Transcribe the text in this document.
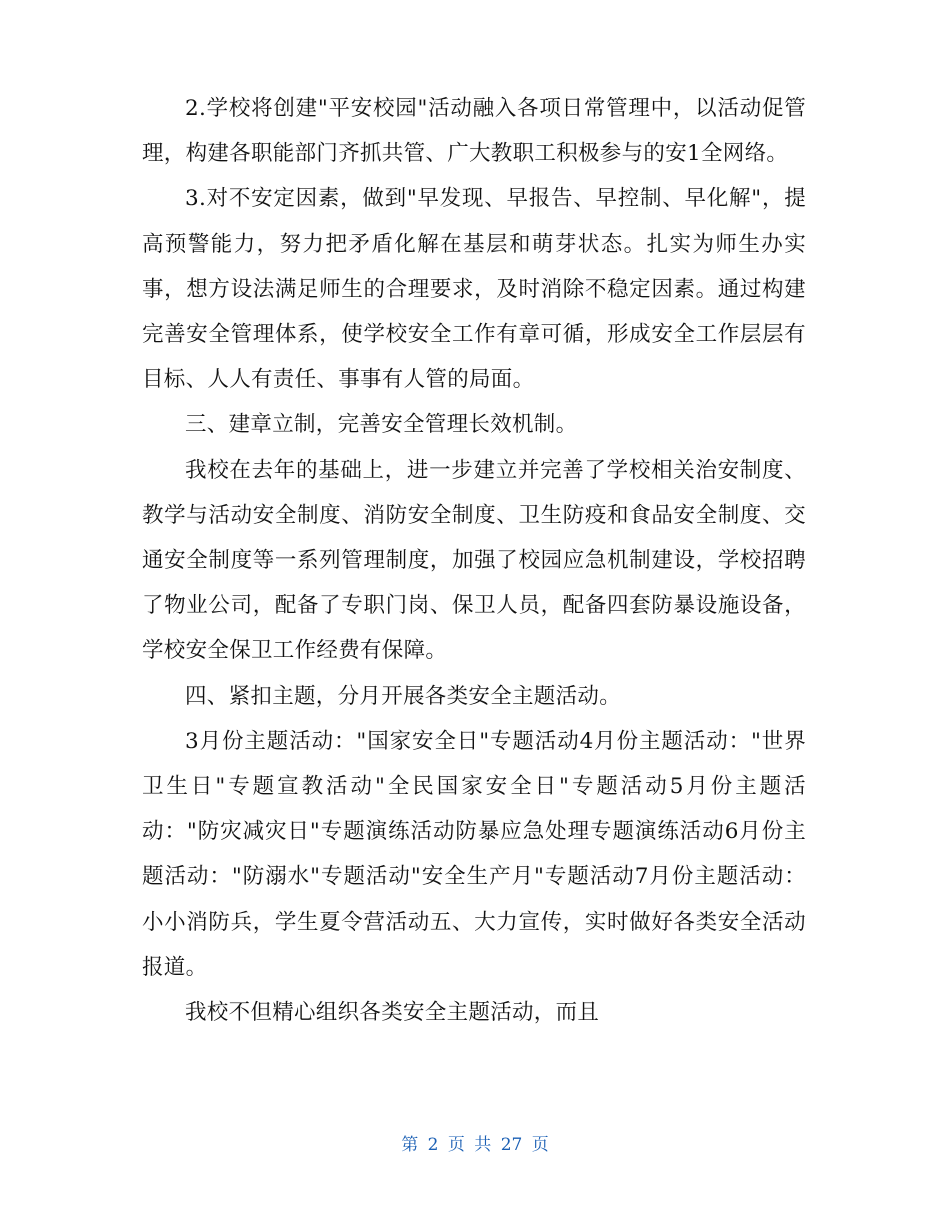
2.学校将创建"平安校园"活动融入各项日常管理中，以活动促管理，构建各职能部门齐抓共管、广大教职工积极参与的安1全网络。

3.对不安定因素，做到"早发现、早报告、早控制、早化解"，提高预警能力，努力把矛盾化解在基层和萌芽状态。扎实为师生办实事，想方设法满足师生的合理要求，及时消除不稳定因素。通过构建完善安全管理体系，使学校安全工作有章可循，形成安全工作层层有目标、人人有责任、事事有人管的局面。

三、建章立制，完善安全管理长效机制。

我校在去年的基础上，进一步建立并完善了学校相关治安制度、教学与活动安全制度、消防安全制度、卫生防疫和食品安全制度、交通安全制度等一系列管理制度，加强了校园应急机制建设，学校招聘了物业公司，配备了专职门岗、保卫人员，配备四套防暴设施设备，学校安全保卫工作经费有保障。

四、紧扣主题，分月开展各类安全主题活动。

3月份主题活动："国家安全日"专题活动4月份主题活动："世界卫生日"专题宣教活动"全民国家安全日"专题活动5月份主题活动："防灾减灾日"专题演练活动防暴应急处理专题演练活动6月份主题活动："防溺水"专题活动"安全生产月"专题活动7月份主题活动：小小消防兵，学生夏令营活动五、大力宣传，实时做好各类安全活动报道。

我校不但精心组织各类安全主题活动，而且

第 2 页 共 27 页
